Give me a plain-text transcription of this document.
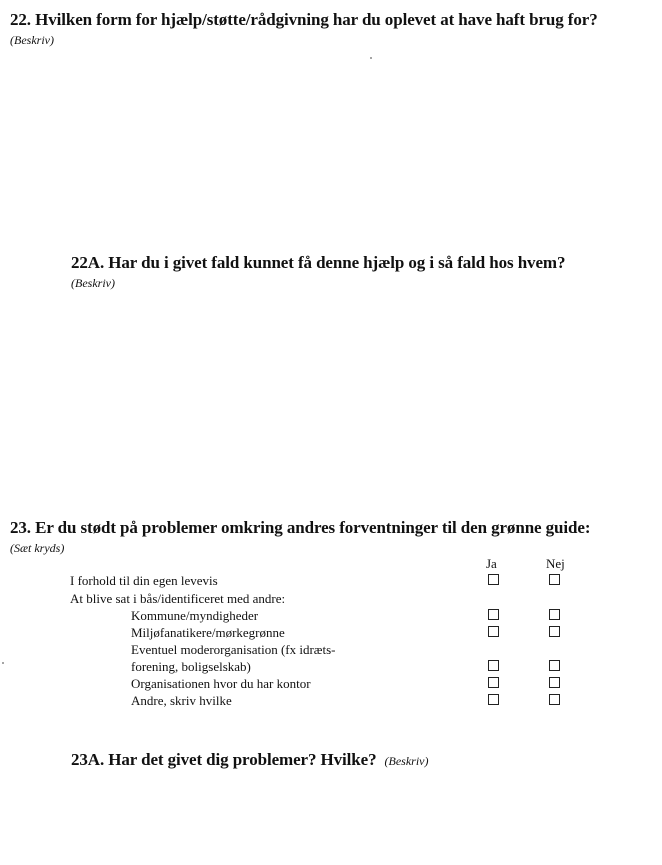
22. Hvilken form for hjælp/støtte/rådgivning har du oplevet at have haft brug for?
(Beskriv)
22A. Har du i givet fald kunnet få denne hjælp og i så fald hos hvem?
(Beskriv)
23. Er du stødt på problemer omkring andres forventninger til den grønne guide:
(Sæt kryds)
Ja	Nej
I forhold til din egen levevis
At blive sat i bås/identificeret med andre:
Kommune/myndigheder
Miljøfanatikere/mørkegrønne
Eventuel moderorganisation (fx idræts-
forening, boligselskab)
Organisationen hvor du har kontor
Andre, skriv hvilke
23A. Har det givet dig problemer? Hvilke? (Beskriv)
